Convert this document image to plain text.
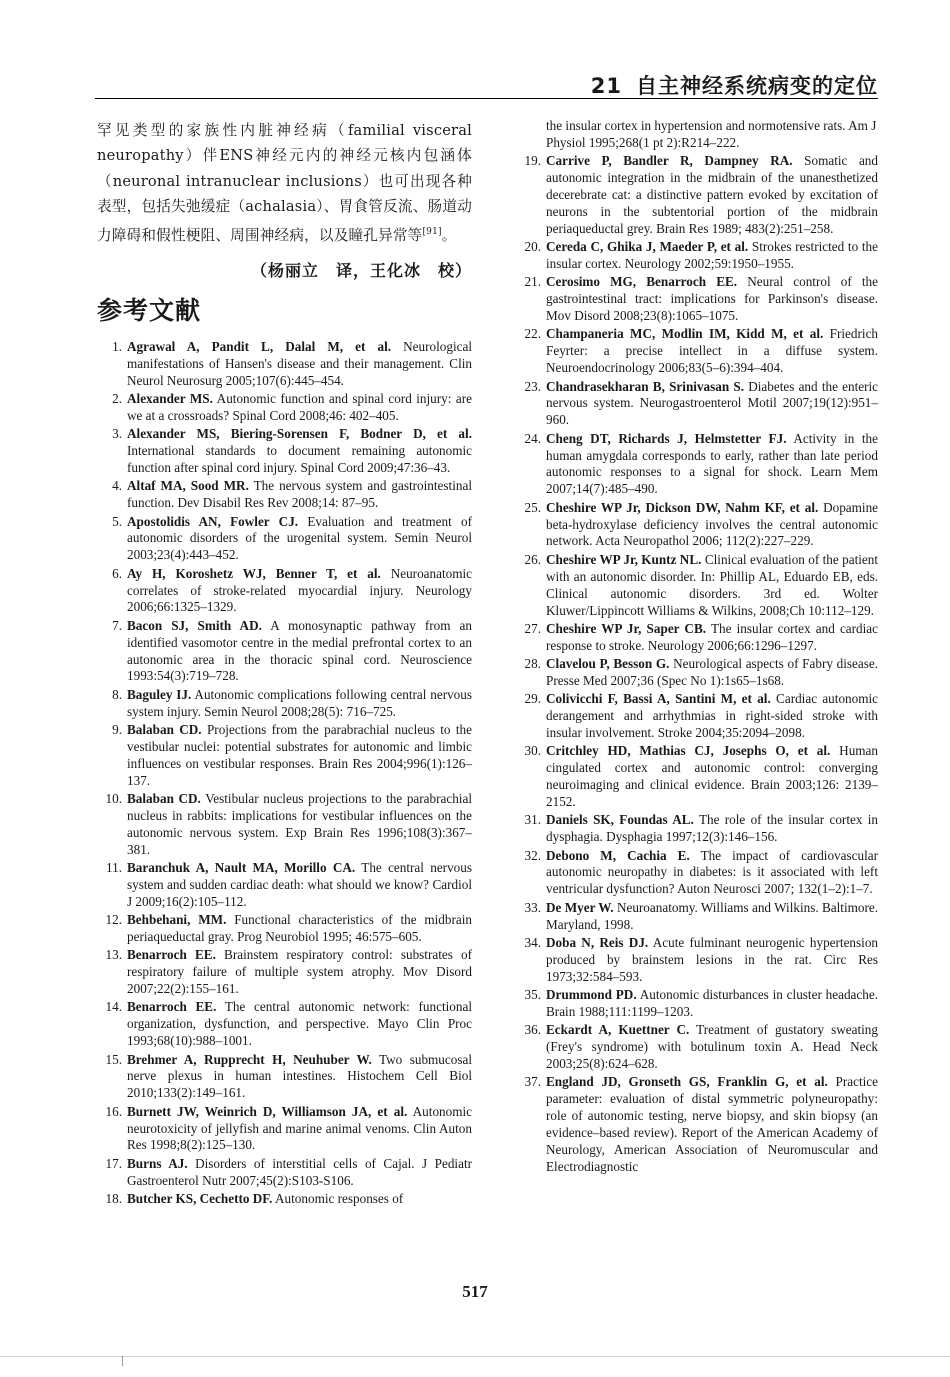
21 自主神经系统病变的定位

罕见类型的家族性内脏神经病（familial visceral neuropathy）伴ENS神经元内的神经元核内包涵体（neuronal intranuclear inclusions）也可出现各种表型，包括失弛缓症（achalasia）、胃食管反流、肠道动力障碍和假性梗阻、周围神经病，以及瞳孔异常等[91]。

（杨丽立　译，王化冰　校）

参考文献
1. Agrawal A, Pandit L, Dalal M, et al. Neurological manifestations of Hansen's disease and their management. Clin Neurol Neurosurg 2005;107(6):445–454.
2. Alexander MS. Autonomic function and spinal cord injury: are we at a crossroads? Spinal Cord 2008;46: 402–405.
3. Alexander MS, Biering-Sorensen F, Bodner D, et al. International standards to document remaining autonomic function after spinal cord injury. Spinal Cord 2009;47:36–43.
4. Altaf MA, Sood MR. The nervous system and gastrointestinal function. Dev Disabil Res Rev 2008;14: 87–95.
5. Apostolidis AN, Fowler CJ. Evaluation and treatment of autonomic disorders of the urogenital system. Semin Neurol 2003;23(4):443–452.
6. Ay H, Koroshetz WJ, Benner T, et al. Neuroanatomic correlates of stroke-related myocardial injury. Neurology 2006;66:1325–1329.
7. Bacon SJ, Smith AD. A monosynaptic pathway from an identified vasomotor centre in the medial prefrontal cortex to an autonomic area in the thoracic spinal cord. Neuroscience 1993:54(3):719–728.
8. Baguley IJ. Autonomic complications following central nervous system injury. Semin Neurol 2008;28(5): 716–725.
9. Balaban CD. Projections from the parabrachial nucleus to the vestibular nuclei: potential substrates for autonomic and limbic influences on vestibular responses. Brain Res 2004;996(1):126–137.
10. Balaban CD. Vestibular nucleus projections to the parabrachial nucleus in rabbits: implications for vestibular influences on the autonomic nervous system. Exp Brain Res 1996;108(3):367–381.
11. Baranchuk A, Nault MA, Morillo CA. The central nervous system and sudden cardiac death: what should we know? Cardiol J 2009;16(2):105–112.
12. Behbehani, MM. Functional characteristics of the midbrain periaqueductal gray. Prog Neurobiol 1995; 46:575–605.
13. Benarroch EE. Brainstem respiratory control: substrates of respiratory failure of multiple system atrophy. Mov Disord 2007;22(2):155–161.
14. Benarroch EE. The central autonomic network: functional organization, dysfunction, and perspective. Mayo Clin Proc 1993;68(10):988–1001.
15. Brehmer A, Rupprecht H, Neuhuber W. Two submucosal nerve plexus in human intestines. Histochem Cell Biol 2010;133(2):149–161.
16. Burnett JW, Weinrich D, Williamson JA, et al. Autonomic neurotoxicity of jellyfish and marine animal venoms. Clin Auton Res 1998;8(2):125–130.
17. Burns AJ. Disorders of interstitial cells of Cajal. J Pediatr Gastroenterol Nutr 2007;45(2):S103-S106.
18. Butcher KS, Cechetto DF. Autonomic responses of
the insular cortex in hypertension and normotensive rats. Am J Physiol 1995;268(1 pt 2):R214–222.
19. Carrive P, Bandler R, Dampney RA. Somatic and autonomic integration in the midbrain of the unanesthetized decerebrate cat: a distinctive pattern evoked by excitation of neurons in the subtentorial portion of the midbrain periaqueductal grey. Brain Res 1989; 483(2):251–258.
20. Cereda C, Ghika J, Maeder P, et al. Strokes restricted to the insular cortex. Neurology 2002;59:1950–1955.
21. Cerosimo MG, Benarroch EE. Neural control of the gastrointestinal tract: implications for Parkinson's disease. Mov Disord 2008;23(8):1065–1075.
22. Champaneria MC, Modlin IM, Kidd M, et al. Friedrich Feyrter: a precise intellect in a diffuse system. Neuroendocrinology 2006;83(5–6):394–404.
23. Chandrasekharan B, Srinivasan S. Diabetes and the enteric nervous system. Neurogastroenterol Motil 2007;19(12):951–960.
24. Cheng DT, Richards J, Helmstetter FJ. Activity in the human amygdala corresponds to early, rather than late period autonomic responses to a signal for shock. Learn Mem 2007;14(7):485–490.
25. Cheshire WP Jr, Dickson DW, Nahm KF, et al. Dopamine beta-hydroxylase deficiency involves the central autonomic network. Acta Neuropathol 2006; 112(2):227–229.
26. Cheshire WP Jr, Kuntz NL. Clinical evaluation of the patient with an autonomic disorder. In: Phillip AL, Eduardo EB, eds. Clinical autonomic disorders. 3rd ed. Wolter Kluwer/Lippincott Williams & Wilkins, 2008;Ch 10:112–129.
27. Cheshire WP Jr, Saper CB. The insular cortex and cardiac response to stroke. Neurology 2006;66:1296–1297.
28. Clavelou P, Besson G. Neurological aspects of Fabry disease. Presse Med 2007;36 (Spec No 1):1s65–1s68.
29. Colivicchi F, Bassi A, Santini M, et al. Cardiac autonomic derangement and arrhythmias in right-sided stroke with insular involvement. Stroke 2004;35:2094–2098.
30. Critchley HD, Mathias CJ, Josephs O, et al. Human cingulated cortex and autonomic control: converging neuroimaging and clinical evidence. Brain 2003;126: 2139–2152.
31. Daniels SK, Foundas AL. The role of the insular cortex in dysphagia. Dysphagia 1997;12(3):146–156.
32. Debono M, Cachia E. The impact of cardiovascular autonomic neuropathy in diabetes: is it associated with left ventricular dysfunction? Auton Neurosci 2007; 132(1–2):1–7.
33. De Myer W. Neuroanatomy. Williams and Wilkins. Baltimore. Maryland, 1998.
34. Doba N, Reis DJ. Acute fulminant neurogenic hypertension produced by brainstem lesions in the rat. Circ Res 1973;32:584–593.
35. Drummond PD. Autonomic disturbances in cluster headache. Brain 1988;111:1199–1203.
36. Eckardt A, Kuettner C. Treatment of gustatory sweating (Frey's syndrome) with botulinum toxin A. Head Neck 2003;25(8):624–628.
37. England JD, Gronseth GS, Franklin G, et al. Practice parameter: evaluation of distal symmetric polyneuropathy: role of autonomic testing, nerve biopsy, and skin biopsy (an evidence–based review). Report of the American Academy of Neurology, American Association of Neuromuscular and Electrodiagnostic
517
